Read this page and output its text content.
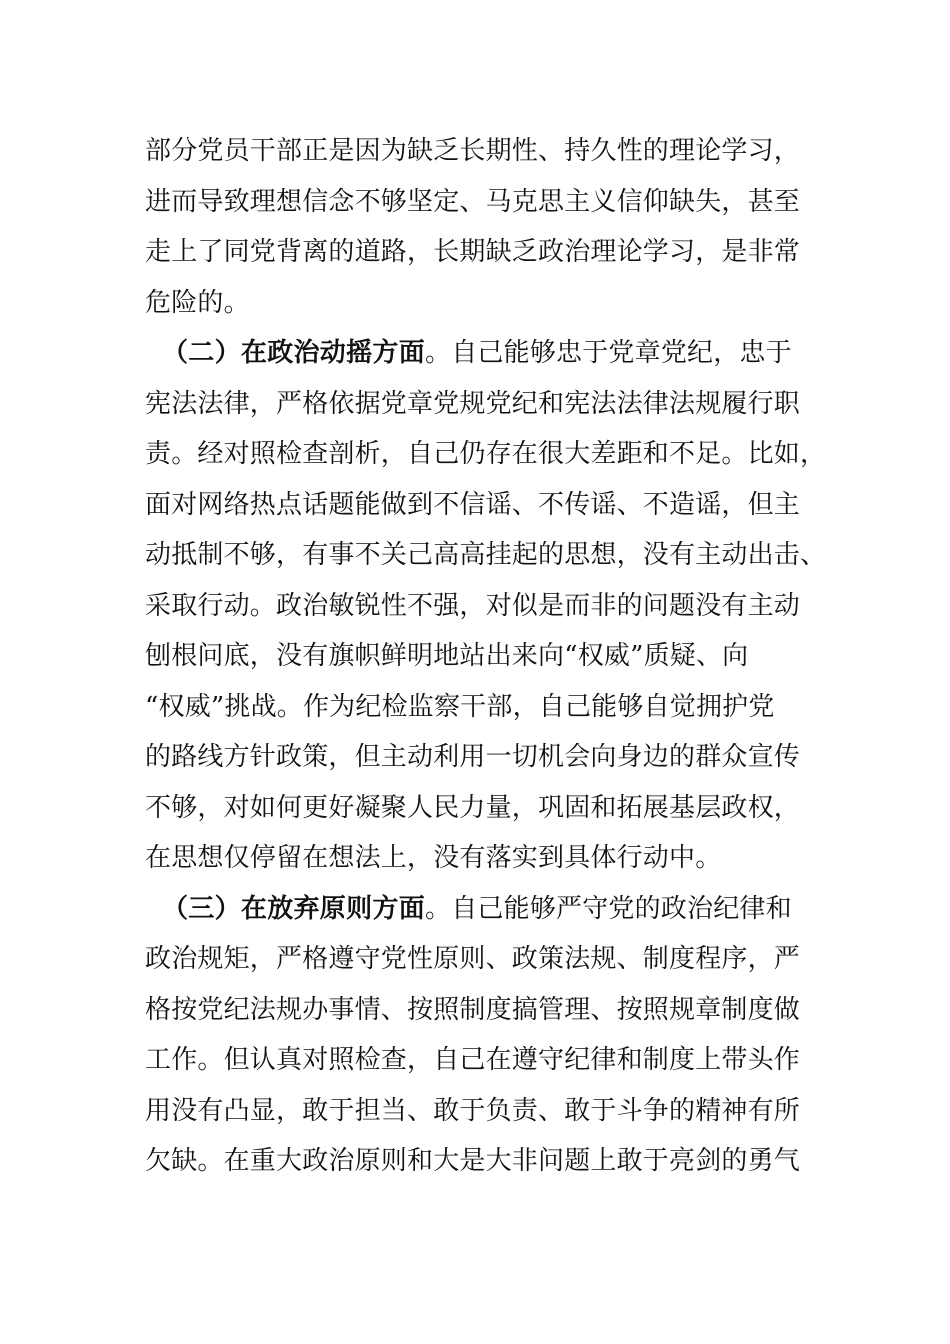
部分党员干部正是因为缺乏长期性、持久性的理论学习，
进而导致理想信念不够坚定、马克思主义信仰缺失，甚至
走上了同党背离的道路，长期缺乏政治理论学习，是非常
危险的。
（二）在政治动摇方面。自己能够忠于党章党纪，忠于
宪法法律，严格依据党章党规党纪和宪法法律法规履行职
责。经对照检查剖析，自己仍存在很大差距和不足。比如，
面对网络热点话题能做到不信谣、不传谣、不造谣，但主
动抵制不够，有事不关己高高挂起的思想，没有主动出击、
采取行动。政治敏锐性不强，对似是而非的问题没有主动
刨根问底，没有旗帜鲜明地站出来向“权威”质疑、向
“权威”挑战。作为纪检监察干部，自己能够自觉拥护党
的路线方针政策，但主动利用一切机会向身边的群众宣传
不够，对如何更好凝聚人民力量，巩固和拓展基层政权，
在思想仅停留在想法上，没有落实到具体行动中。
（三）在放弃原则方面。自己能够严守党的政治纪律和
政治规矩，严格遵守党性原则、政策法规、制度程序，严
格按党纪法规办事情、按照制度搞管理、按照规章制度做
工作。但认真对照检查，自己在遵守纪律和制度上带头作
用没有凸显，敢于担当、敢于负责、敢于斗争的精神有所
欠缺。在重大政治原则和大是大非问题上敢于亮剑的勇气
